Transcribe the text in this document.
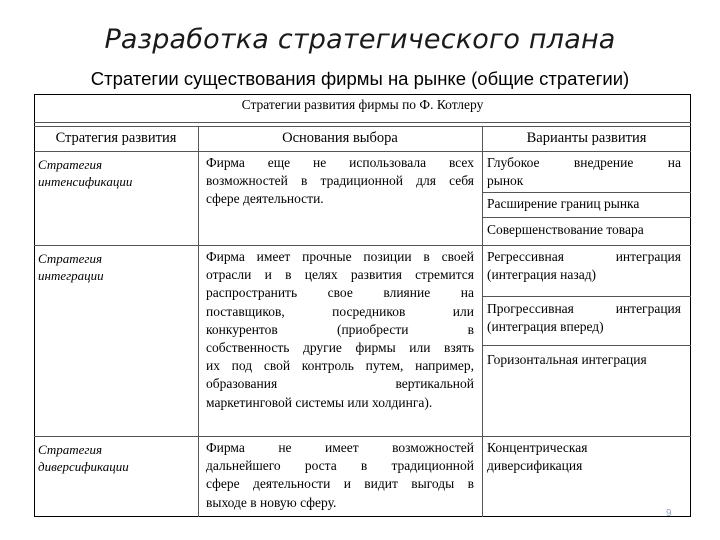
Разработка стратегического плана
Стратегии существования фирмы на рынке (общие стратегии)
Стратегии развития фирмы по Ф. Котлеру
Стратегия развития	Основания выбора	Варианты развития
Стратегия
интенсификации
Фирма еще не использовала всех
возможностей в традиционной для себя
сфере деятельности.
Глубокое внедрение на
рынок
Расширение границ рынка
Совершенствование товара
Стратегия
интеграции
Фирма имеет прочные позиции в своей
отрасли и в целях развития стремится
распространить свое влияние на
поставщиков, посредников или
конкурентов (приобрести в
собственность другие фирмы или взять
их под свой контроль путем, например,
образования вертикальной
маркетинговой системы или холдинга).
Регрессивная интеграция
(интеграция назад)
Прогрессивная интеграция
(интеграция вперед)
Горизонтальная интеграция
Стратегия
диверсификации
Фирма не имеет возможностей
дальнейшего роста в традиционной
сфере деятельности и видит выгоды в
выходе в новую сферу.
Концентрическая
диверсификация
9
